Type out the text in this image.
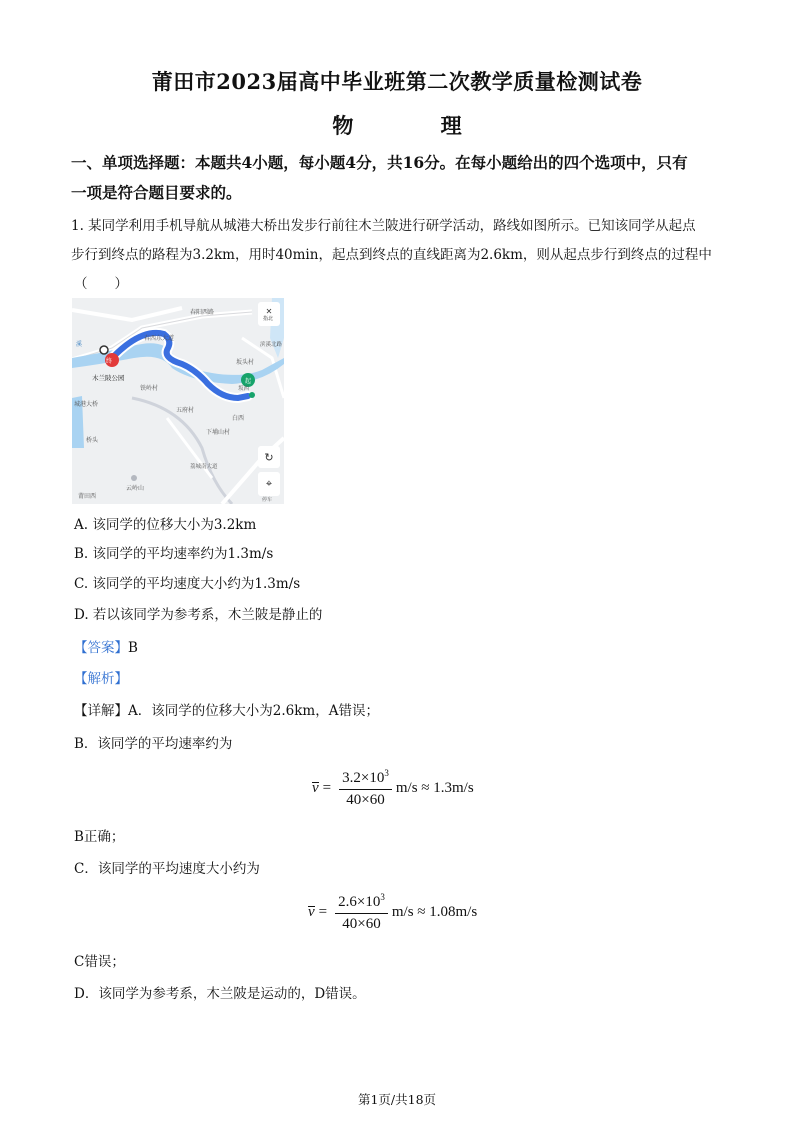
莆田市2023届高中毕业班第二次教学质量检测试卷
物 理
一、单项选择题：本题共4小题，每小题4分，共16分。在每小题给出的四个选项中，只有
一项是符合题目要求的。
1. 某同学利用手机导航从城港大桥出发步行前往木兰陂进行研学活动，路线如图所示。已知该同学从起点
步行到终点的路程为3.2km，用时40min，起点到终点的直线距离为2.6km，则从起点步行到终点的过程中
（　　）
✕
↻
⌖
春西东大道
春阳西路
指北
终
起
木兰陂公园
坂头村
铁岭村
五府村
下埔山村
白西
城港大桥
云岭山
莆田西
桥头
坂西
溪	滨溪北路
停车
荔城南大道
A. 该同学的位移大小为3.2km
B. 该同学的平均速率约为1.3m/s
C. 该同学的平均速度大小约为1.3m/s
D. 若以该同学为参考系，木兰陂是静止的
【答案】B
【解析】
【详解】A．该同学的位移大小为2.6km，A错误；
B．该同学的平均速率约为
$v = \frac{3.2\times 10^3}{40\times 60} m/s \approx 1.3m/s$
B正确；
C．该同学的平均速度大小约为
$v = \frac{2.6\times 10^3}{40\times 60} m/s \approx 1.08m/s$
C错误；
D．该同学为参考系，木兰陂是运动的，D错误。
第1页/共18页
